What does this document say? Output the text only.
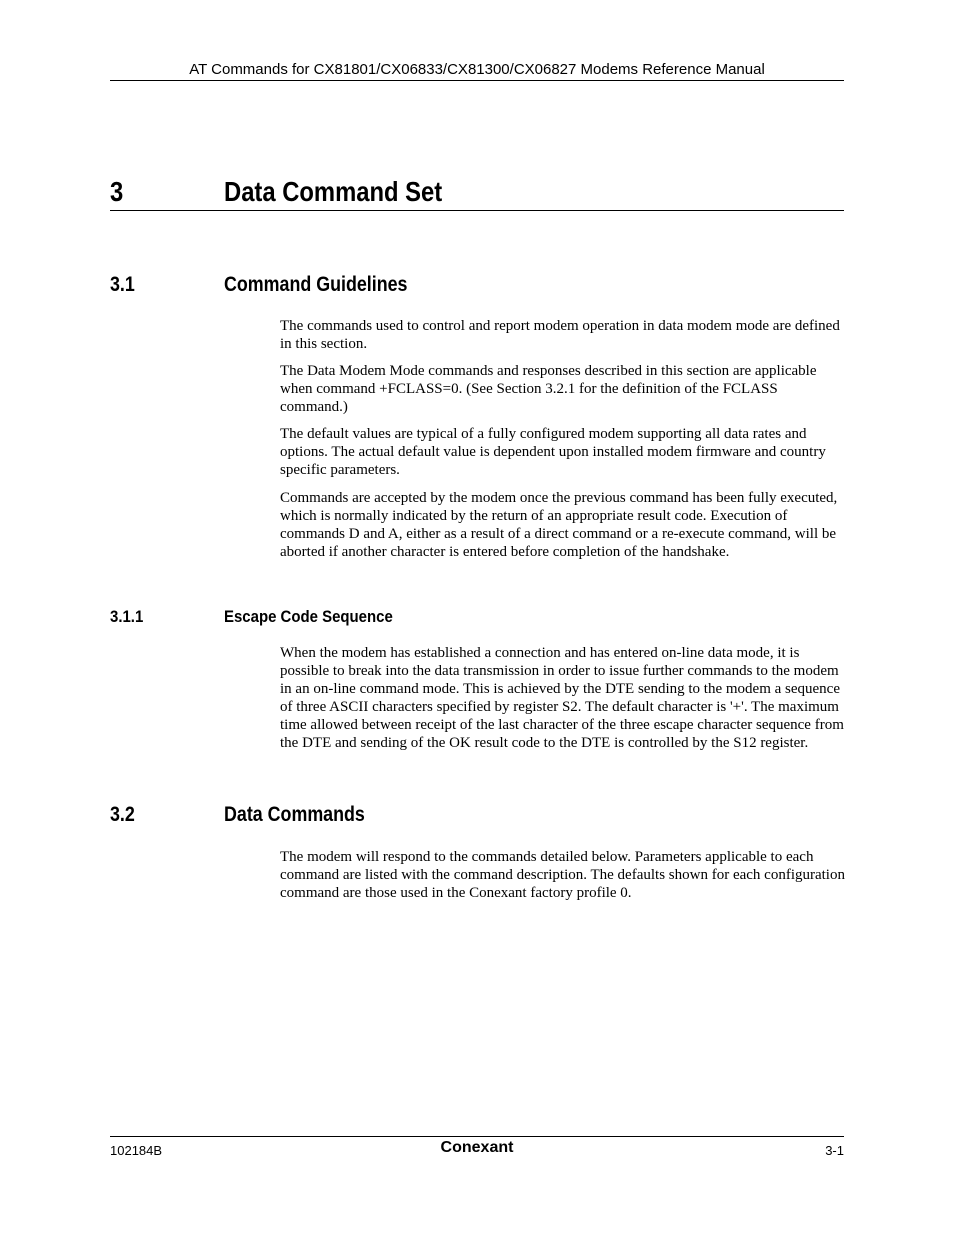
AT Commands for CX81801/CX06833/CX81300/CX06827 Modems Reference Manual
3	Data Command Set
3.1	Command Guidelines

The commands used to control and report modem operation in data modem mode are defined in this section.

The Data Modem Mode commands and responses described in this section are applicable when command +FCLASS=0. (See Section 3.2.1 for the definition of the FCLASS command.)

The default values are typical of a fully configured modem supporting all data rates and options. The actual default value is dependent upon installed modem firmware and country specific parameters.

Commands are accepted by the modem once the previous command has been fully executed, which is normally indicated by the return of an appropriate result code. Execution of commands D and A, either as a result of a direct command or a re-execute command, will be aborted if another character is entered before completion of the handshake.

3.1.1	Escape Code Sequence

When the modem has established a connection and has entered on-line data mode, it is possible to break into the data transmission in order to issue further commands to the modem in an on-line command mode. This is achieved by the DTE sending to the modem a sequence of three ASCII characters specified by register S2. The default character is '+'. The maximum time allowed between receipt of the last character of the three escape character sequence from the DTE and sending of the OK result code to the DTE is controlled by the S12 register.

3.2	Data Commands

The modem will respond to the commands detailed below. Parameters applicable to each command are listed with the command description. The defaults shown for each configuration command are those used in the Conexant factory profile 0.

102184B	Conexant	3-1
